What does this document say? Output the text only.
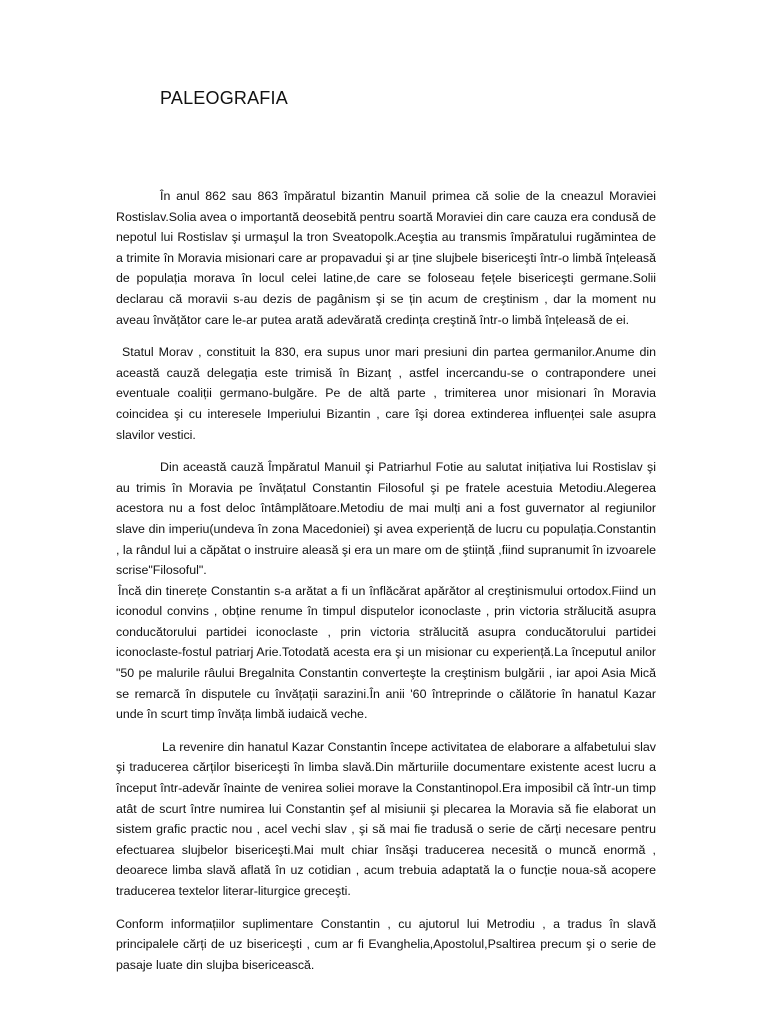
PALEOGRAFIA

În anul 862 sau 863 împăratul bizantin Manuil primea că solie de la cneazul Moraviei Rostislav.Solia avea o importantă deosebită pentru soartă Moraviei din care cauza era condusă de nepotul lui Rostislav şi urmaşul la tron Sveatopolk.Aceştia au transmis împăratului rugămintea de a trimite în Moravia misionari care ar propavadui şi ar ține slujbele bisericeşti într-o limbă înțeleasă de populația morava în locul celei latine,de care se foloseau fețele bisericeşti germane.Solii declarau că moravii s-au dezis de pagânism şi se țin acum de creştinism , dar la moment nu aveau învățător care le-ar putea arată adevărată credința creştină într-o limbă înțeleasă de ei.

Statul Morav , constituit la 830, era supus unor mari presiuni din partea germanilor.Anume din această cauză delegația este trimisă în Bizanț , astfel incercandu-se o contrapondere unei eventuale coaliții germano-bulgăre. Pe de altă parte , trimiterea unor misionari în Moravia coincidea şi cu interesele Imperiului Bizantin , care îşi dorea extinderea influenței sale asupra slavilor vestici.

Din această cauză Împăratul Manuil şi Patriarhul Fotie au salutat inițiativa lui Rostislav şi au trimis în Moravia pe învățatul Constantin Filosoful şi pe fratele acestuia Metodiu.Alegerea acestora nu a fost deloc întâmplătoare.Metodiu de mai mulți ani a fost guvernator al regiunilor slave din imperiu(undeva în zona Macedoniei) şi avea experiență de lucru cu populația.Constantin , la rândul lui a căpătat o instruire aleasă şi era un mare om de ştiință ,fiind supranumit în izvoarele scrise"Filosoful".

Încă din tinerețe Constantin s-a arătat a fi un înflăcărat apărător al creştinismului ortodox.Fiind un iconodul convins , obține renume în timpul disputelor iconoclaste , prin victoria strălucită asupra conducătorului partidei iconoclaste , prin victoria strălucită asupra conducătorului partidei iconoclaste-fostul patriarj Arie.Totodată acesta era şi un misionar cu experiență.La începutul anilor "50 pe malurile râului Bregalnita Constantin converteşte la creştinism bulgării , iar apoi Asia Mică se remarcă în disputele cu învățații sarazini.În anii '60 întreprinde o călătorie în hanatul Kazar unde în scurt timp învăța limbă iudaică veche.

La revenire din hanatul Kazar Constantin începe activitatea de elaborare a alfabetului slav şi traducerea cărților bisericeşti în limba slavă.Din mărturiile documentare existente acest lucru a început într-adevăr înainte de venirea soliei morave la Constantinopol.Era imposibil că într-un timp atât de scurt între numirea lui Constantin şef al misiunii şi plecarea la Moravia să fie elaborat un sistem grafic practic nou , acel vechi slav , şi să mai fie tradusă o serie de cărți necesare pentru efectuarea slujbelor bisericeşti.Mai mult chiar însăşi traducerea necesită o muncă enormă , deoarece limba slavă aflată în uz cotidian , acum trebuia adaptată la o funcție noua-să acopere traducerea textelor literar-liturgice greceşti.

Conform informațiilor suplimentare Constantin , cu ajutorul lui Metrodiu , a tradus în slavă principalele cărți de uz bisericeşti , cum ar fi Evanghelia,Apostolul,Psaltirea precum şi o serie de pasaje luate din slujba bisericească.
